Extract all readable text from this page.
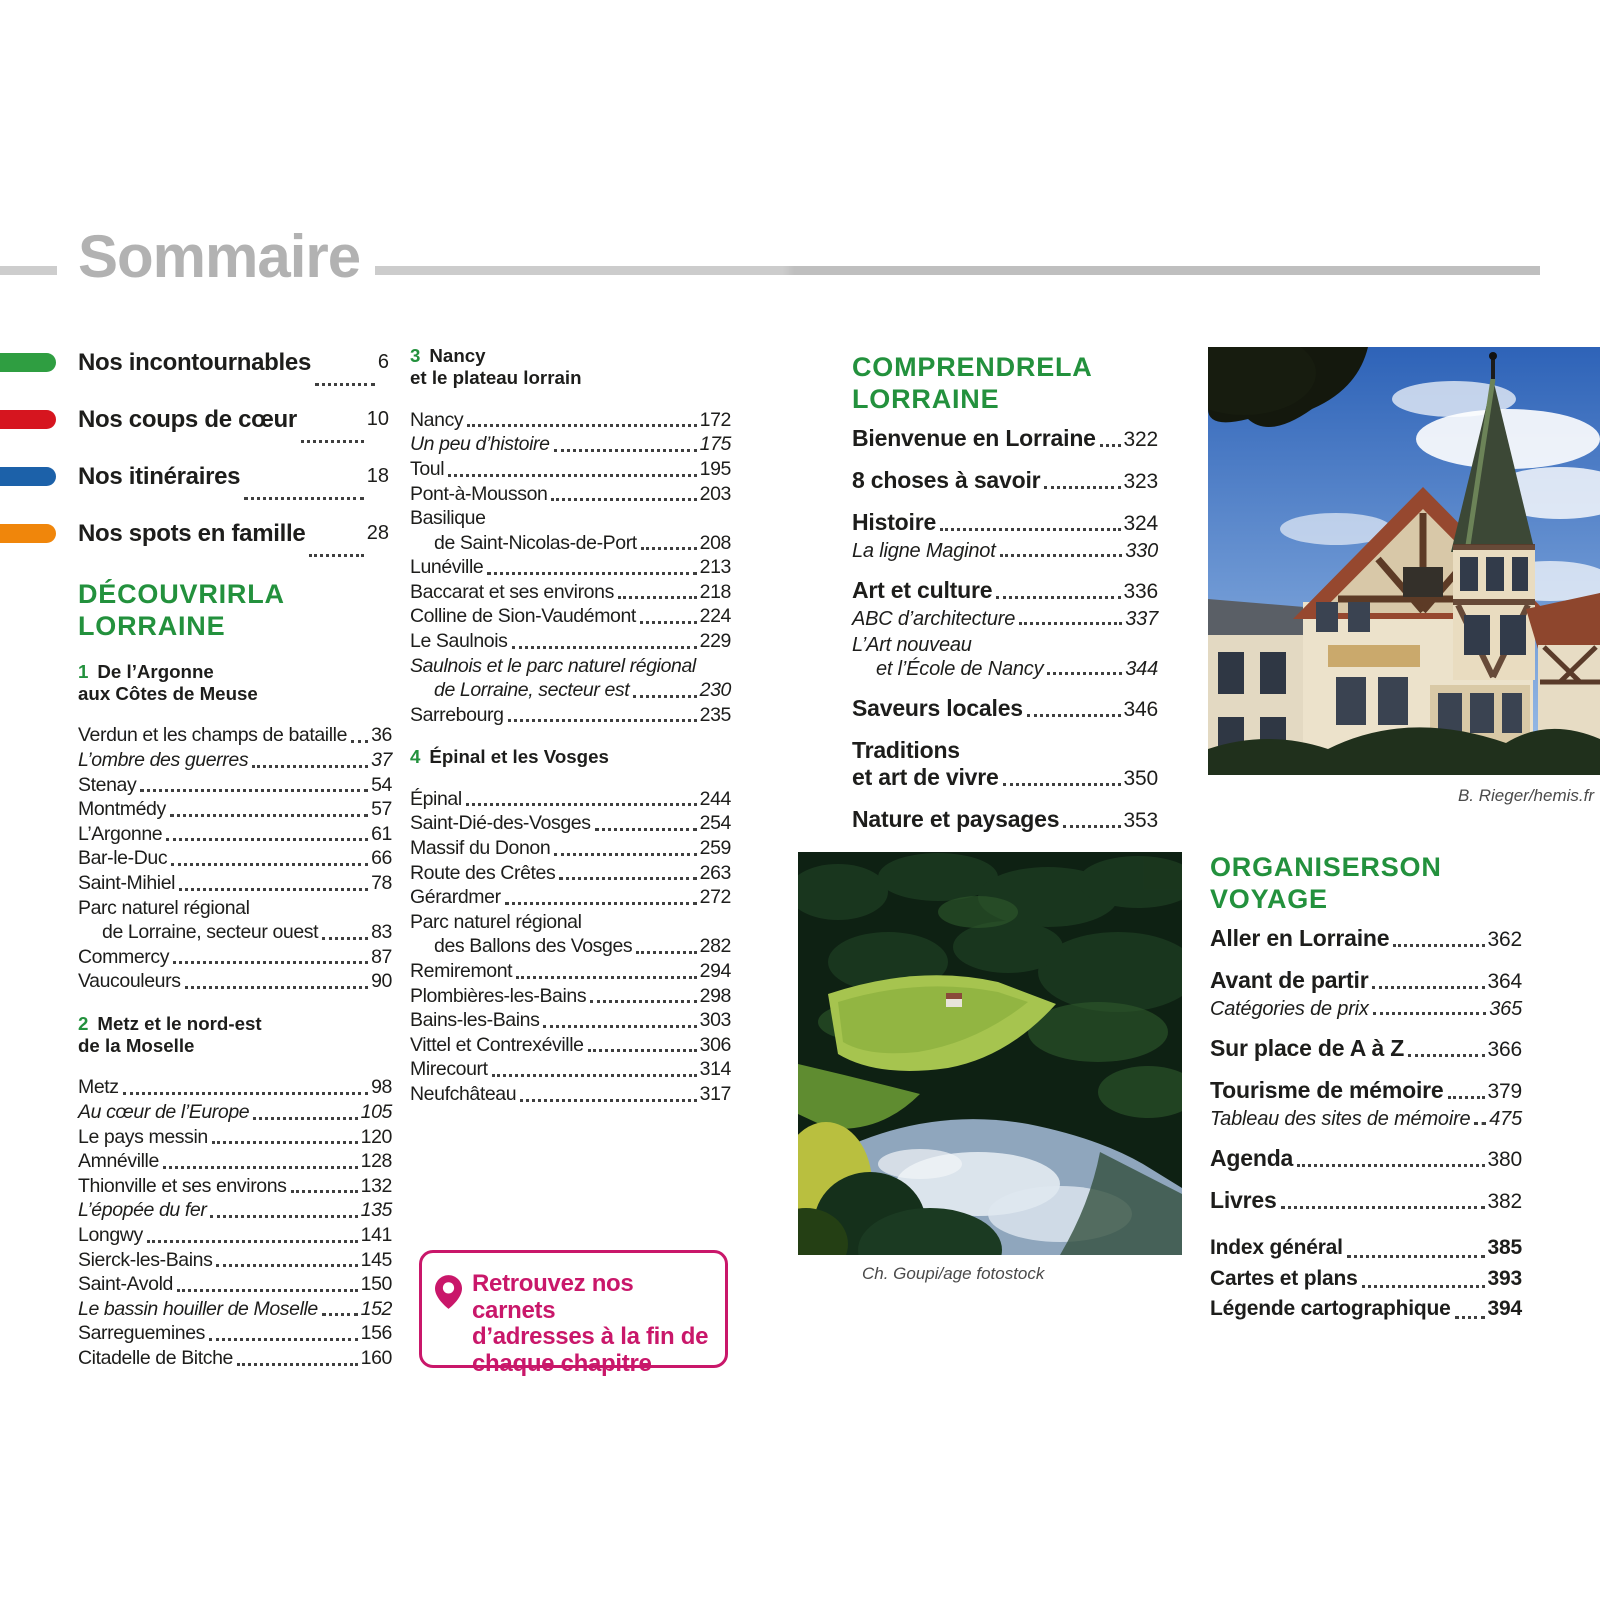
Sommaire
Nos incontournables	6
Nos coups de cœur	10
Nos itinéraires	18
Nos spots en famille	28
DÉCOUVRIRLA LORRAINE
1 De l’Argonne
aux Côtes de Meuse
Verdun et les champs de bataille 36
L’ombre des guerres	37
Stenay	54
Montmédy	57
L’Argonne	61
Bar-le-Duc	66
Saint-Mihiel	78
Parc naturel régional
de Lorraine, secteur ouest	83
Commercy	87
Vaucouleurs	90
2 Metz et le nord-est
de la Moselle
Metz	98
Au cœur de l’Europe	105
Le pays messin	120
Amnéville	128
Thionville et ses environs	132
L’épopée du fer	135
Longwy	141
Sierck-les-Bains	145
Saint-Avold	150
Le bassin houiller de Moselle 152
Sarreguemines	156
Citadelle de Bitche	160
3 Nancy
et le plateau lorrain
Nancy	172
Un peu d’histoire	175
Toul	195
Pont-à-Mousson	203
Basilique
de Saint-Nicolas-de-Port	208
Lunéville	213
Baccarat et ses environs	218
Colline de Sion-Vaudémont	224
Le Saulnois	229
Saulnois et le parc naturel régional
de Lorraine, secteur est	230
Sarrebourg	235
4 Épinal et les Vosges
Épinal	244
Saint-Dié-des-Vosges	254
Massif du Donon	259
Route des Crêtes	263
Gérardmer	272
Parc naturel régional
des Ballons des Vosges	282
Remiremont	294
Plombières-les-Bains	298
Bains-les-Bains	303
Vittel et Contrexéville	306
Mirecourt	314
Neufchâteau	317
COMPRENDRELA LORRAINE
Bienvenue en Lorraine 322
8 choses à savoir	323
Histoire	324
La ligne Maginot	330
Art et culture	336
ABC d’architecture	337
L’Art nouveau
et l’École de Nancy	344
Saveurs locales	346
Traditions
et art de vivre	350
Nature et paysages	353
ORGANISERSON VOYAGE
Aller en Lorraine	362
Avant de partir	364
Catégories de prix	365
Sur place de A à Z	366
Tourisme de mémoire 379
Tableau des sites de mémoire 475
Agenda	380
Livres	382
Index général	385
Cartes et plans	393
Légende cartographique 394
B. Rieger/hemis.fr
Ch. Goupi/age fotostock
Retrouvez nos carnets
d’adresses à la fin de
chaque chapitre
